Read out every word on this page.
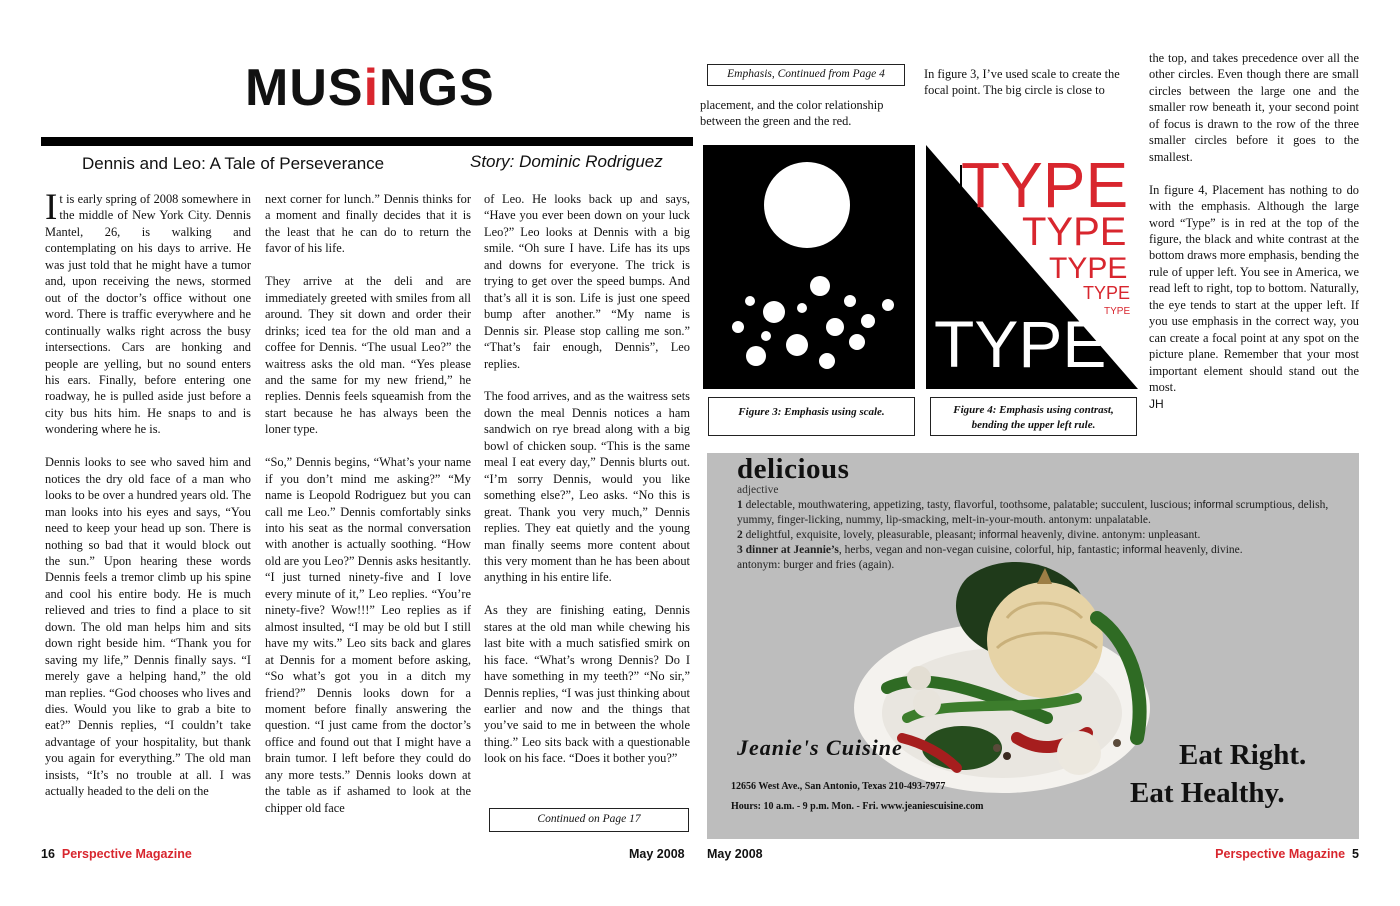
MUSiNGS
Dennis and Leo: A Tale of Perseverance	Story: Dominic Rodriguez

It is early spring of 2008 somewhere in the middle of New York City. Dennis Mantel, 26, is walking and contemplating on his days to arrive. He was just told that he might have a tumor and, upon receiving the news, stormed out of the doctor’s office without one word. There is traffic everywhere and he continually walks right across the busy intersections. Cars are honking and people are yelling, but no sound enters his ears. Finally, before entering one roadway, he is pulled aside just before a city bus hits him. He snaps to and is wondering where he is.

Dennis looks to see who saved him and notices the dry old face of a man who looks to be over a hundred years old. The man looks into his eyes and says, “You need to keep your head up son. There is nothing so bad that it would block out the sun.” Upon hearing these words Dennis feels a tremor climb up his spine and cool his entire body. He is much relieved and tries to find a place to sit down. The old man helps him and sits down right beside him. “Thank you for saving my life,” Dennis finally says. “I merely gave a helping hand,” the old man replies. “God chooses who lives and dies. Would you like to grab a bite to eat?” Dennis replies, “I couldn’t take advantage of your hospitality, but thank you again for everything.” The old man insists, “It’s no trouble at all. I was actually headed to the deli on the

next corner for lunch.” Dennis thinks for a moment and finally decides that it is the least that he can do to return the favor of his life.

They arrive at the deli and are immediately greeted with smiles from all around. They sit down and order their drinks; iced tea for the old man and a coffee for Dennis. “The usual Leo?” the waitress asks the old man. “Yes please and the same for my new friend,” he replies. Dennis feels squeamish from the start because he has always been the loner type.

“So,” Dennis begins, “What’s your name if you don’t mind me asking?” “My name is Leopold Rodriguez but you can call me Leo.” Dennis comfortably sinks into his seat as the normal conversation with another is actually soothing. “How old are you Leo?” Dennis asks hesitantly. “I just turned ninety-five and I love every minute of it,” Leo replies. “You’re ninety-five? Wow!!!” Leo replies as if almost insulted, “I may be old but I still have my wits.” Leo sits back and glares at Dennis for a moment before asking, “So what’s got you in a ditch my friend?” Dennis looks down for a moment before finally answering the question. “I just came from the doctor’s office and found out that I might have a brain tumor. I left before they could do any more tests.” Dennis looks down at the table as if ashamed to look at the chipper old face

of Leo. He looks back up and says, “Have you ever been down on your luck Leo?” Leo looks at Dennis with a big smile. “Oh sure I have. Life has its ups and downs for everyone. The trick is trying to get over the speed bumps. And that’s all it is son. Life is just one speed bump after another.” “My name is Dennis sir. Please stop calling me son.” “That’s fair enough, Dennis”, Leo replies.

The food arrives, and as the waitress sets down the meal Dennis notices a ham sandwich on rye bread along with a big bowl of chicken soup. “This is the same meal I eat every day,” Dennis blurts out. “I’m sorry Dennis, would you like something else?”, Leo asks. “No this is great. Thank you very much,” Dennis replies. They eat quietly and the young man finally seems more content about this very moment than he has been about anything in his entire life.

As they are finishing eating, Dennis stares at the old man while chewing his last bite with a much satisfied smirk on his face. “What’s wrong Dennis? Do I have something in my teeth?” “No sir,” Dennis replies, “I was just thinking about earlier and now and the things that you’ve said to me in between the whole thing.” Leo sits back with a questionable look on his face. “Does it bother you?”

Continued on Page 17
16 Perspective Magazine	May 2008
Emphasis, Continued from Page 4
placement, and the color relationship between the green and the red.
In figure 3, I’ve used scale to create the focal point. The big circle is close to

the top, and takes precedence over all the other circles. Even though there are small circles between the large one and the smaller row beneath it, your second point of focus is drawn to the row of the three smaller circles before it goes to the smallest.

In figure 4, Placement has nothing to do with the emphasis. Although the large word “Type” is in red at the top of the figure, the black and white contrast at the bottom draws more emphasis, bending the rule of upper left. You see in America, we read left to right, top to bottom. Naturally, the eye tends to start at the upper left. If you use emphasis in the correct way, you can create a focal point at any spot on the picture plane. Remember that your most important element should stand out the most.

JH
Figure 3: Emphasis using scale.
TYPE
TYPE
TYPE
TYPE
TYPE
TYPE
Figure 4: Emphasis using contrast, bending the upper left rule.
delicious
adjective
1 delectable, mouthwatering, appetizing, tasty, flavorful, toothsome, palatable; succulent, luscious; informal scrumptious, delish, yummy, finger-licking, nummy, lip-smacking, melt-in-your-mouth. antonym: unpalatable.
2 delightful, exquisite, lovely, pleasurable, pleasant; informal heavenly, divine. antonym: unpleasant.
3 dinner at Jeannie’s, herbs, vegan and non-vegan cuisine, colorful, hip, fantastic; informal heavenly, divine.
antonym: burger and fries (again).
Jeanie's Cuisine
12656 West Ave., San Antonio, Texas 210-493-7977
Hours: 10 a.m. - 9 p.m. Mon. - Fri. www.jeaniescuisine.com
Eat Right.
Eat Healthy.
May 2008	Perspective Magazine 5
